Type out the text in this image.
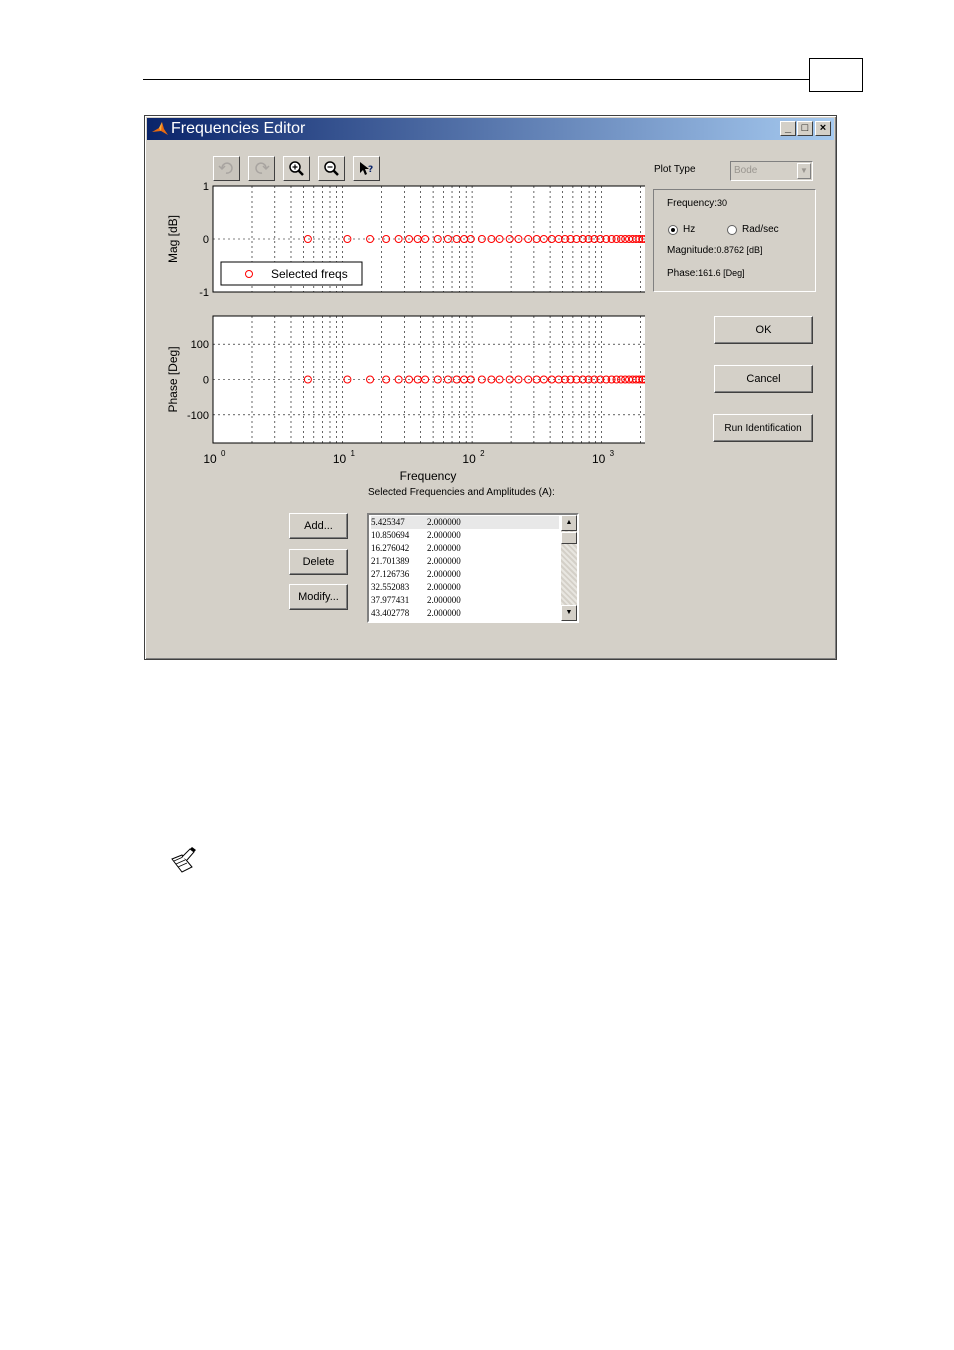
Frequencies Editor	_ □	×
?	Plot Type	Bode	▼
Frequency:30
Hz	Rad/sec
Magnitude:0.8762 [dB]
Phase:161.6 [Deg]
OK
Cancel
Run Identification
-1
0
1
Mag [dB]
Selected freqs
-100
0
100
Phase [Deg]
10 0	10 1	10 2	10 3
Frequency
Selected Frequencies and Amplitudes (A):
Add...
Delete
Modify...
5.425347 2.000000
10.850694 2.000000
16.276042 2.000000
21.701389 2.000000
27.126736 2.000000
32.552083 2.000000
37.977431 2.000000
43.402778 2.000000
▲
▼
